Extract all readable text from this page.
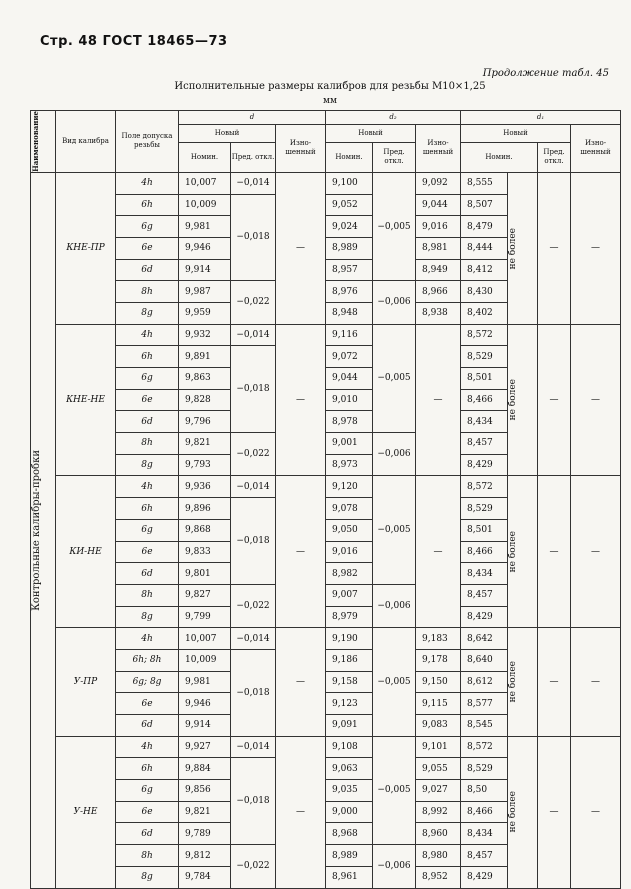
Стр. 48 ГОСТ 18465—73
Продолжение табл. 45
Исполнительные размеры калибров для резьбы М10×1,25
мм
Наименование	Вид калибра	Поле допуска резьбы	d			d₂			d₁			
			Новый		Изно-шенный	Новый		Изно-шенный	Новый			Изно-шенный
			Номин.	Пред. откл.		Номин.	Пред. откл.		Номин.		Пред. откл.	

Контрольные калибры-пробки	КНЕ-ПР	4h	10,007	−0,014	—	9,100	−0,005	9,092	8,555	не более	—	—
		6h	10,009	−0,018		9,052		9,044	8,507			
		6g	9,981			9,024		9,016	8,479			
		6e	9,946			8,989		8,981	8,444			
		6d	9,914			8,957		8,949	8,412			
		8h	9,987	−0,022		8,976	−0,006	8,966	8,430			
		8g	9,959			8,948		8,938	8,402			
	КНЕ-НЕ	4h	9,932	−0,014	—	9,116	−0,005	—	8,572	не более	—	—
		6h	9,891	−0,018		9,072			8,529			
		6g	9,863			9,044			8,501			
		6e	9,828			9,010			8,466			
		6d	9,796			8,978			8,434			
		8h	9,821	−0,022		9,001	−0,006		8,457			
		8g	9,793			8,973			8,429			
	КИ-НЕ	4h	9,936	−0,014	—	9,120	−0,005	—	8,572	не более	—	—
		6h	9,896	−0,018		9,078			8,529			
		6g	9,868			9,050			8,501			
		6e	9,833			9,016			8,466			
		6d	9,801			8,982			8,434			
		8h	9,827	−0,022		9,007	−0,006		8,457			
		8g	9,799			8,979			8,429			
	У-ПР	4h	10,007	−0,014	—	9,190	−0,005	9,183	8,642	не более	—	—
		6h; 8h	10,009	−0,018		9,186		9,178	8,640			
		6g; 8g	9,981			9,158		9,150	8,612			
		6e	9,946			9,123		9,115	8,577			
		6d	9,914			9,091		9,083	8,545			
	У-НЕ	4h	9,927	−0,014	—	9,108	−0,005	9,101	8,572	не более	—	—
		6h	9,884	−0,018		9,063		9,055	8,529			
		6g	9,856			9,035		9,027	8,50			
		6e	9,821			9,000		8,992	8,466			
		6d	9,789			8,968		8,960	8,434			
		8h	9,812	−0,022		8,989	−0,006	8,980	8,457			
		8g	9,784			8,961		8,952	8,429			
